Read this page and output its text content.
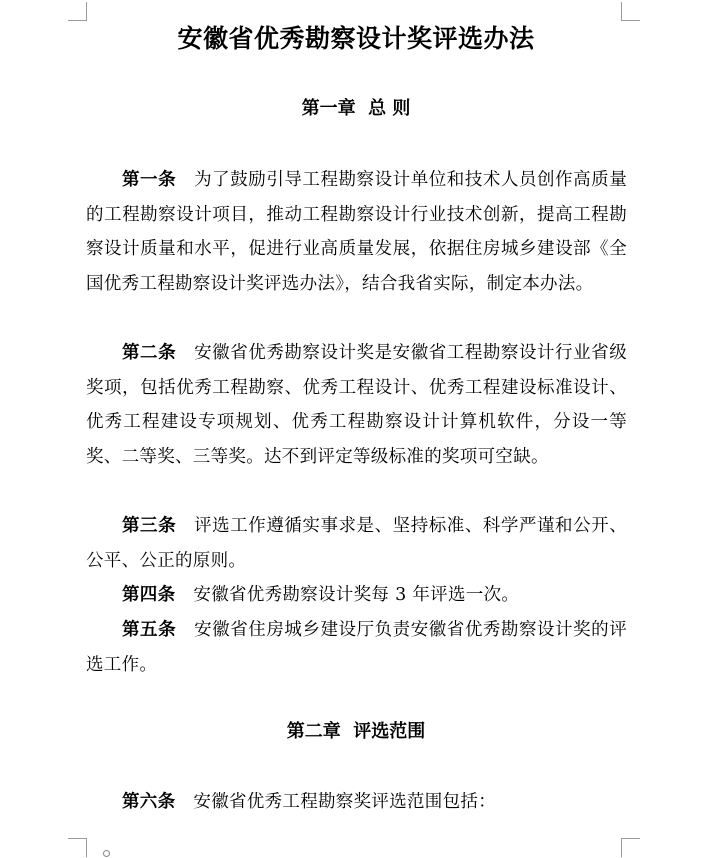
安徽省优秀勘察设计奖评选办法
第一章  总 则

第一条 为了鼓励引导工程勘察设计单位和技术人员创作高质量的工程勘察设计项目，推动工程勘察设计行业技术创新，提高工程勘察设计质量和水平，促进行业高质量发展，依据住房城乡建设部《全国优秀工程勘察设计奖评选办法》，结合我省实际，制定本办法。

第二条 安徽省优秀勘察设计奖是安徽省工程勘察设计行业省级奖项，包括优秀工程勘察、优秀工程设计、优秀工程建设标准设计、优秀工程建设专项规划、优秀工程勘察设计计算机软件，分设一等奖、二等奖、三等奖。达不到评定等级标准的奖项可空缺。

第三条 评选工作遵循实事求是、坚持标准、科学严谨和公开、公平、公正的原则。

第四条 安徽省优秀勘察设计奖每 3 年评选一次。

第五条 安徽省住房城乡建设厅负责安徽省优秀勘察设计奖的评选工作。

第二章  评选范围

第六条 安徽省优秀工程勘察奖评选范围包括：
